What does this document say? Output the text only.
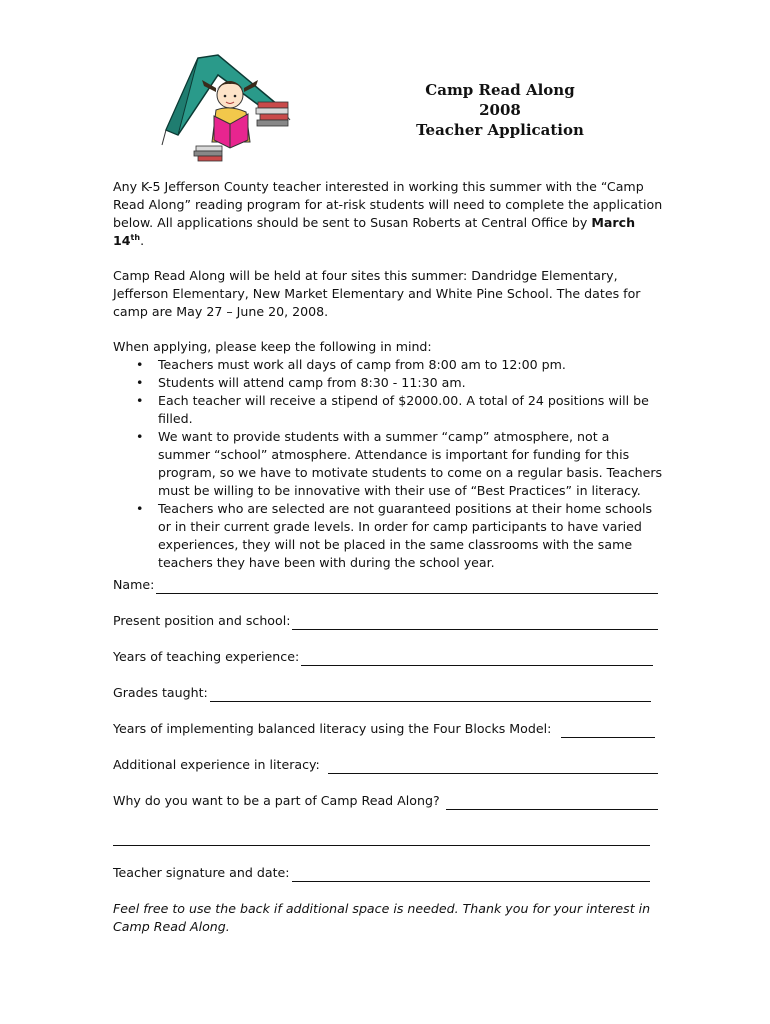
Camp Read Along
2008
Teacher Application

Any K-5 Jefferson County teacher interested in working this summer with the “Camp Read Along” reading program for at-risk students will need to complete the application below. All applications should be sent to Susan Roberts at Central Office by March 14th.

Camp Read Along will be held at four sites this summer: Dandridge Elementary, Jefferson Elementary, New Market Elementary and White Pine School. The dates for camp are May 27 – June 20, 2008.

When applying, please keep the following in mind:

• Teachers must work all days of camp from 8:00 am to 12:00 pm.
• Students will attend camp from 8:30 - 11:30 am.
• Each teacher will receive a stipend of $2000.00. A total of 24 positions will be filled.
• We want to provide students with a summer “camp” atmosphere, not a summer “school” atmosphere. Attendance is important for funding for this program, so we have to motivate students to come on a regular basis. Teachers must be willing to be innovative with their use of “Best Practices” in literacy.
• Teachers who are selected are not guaranteed positions at their home schools or in their current grade levels. In order for camp participants to have varied experiences, they will not be placed in the same classrooms with the same teachers they have been with during the school year.
Name:
Present position and school:
Years of teaching experience:
Grades taught:
Years of implementing balanced literacy using the Four Blocks Model:
Additional experience in literacy:
Why do you want to be a part of Camp Read Along?
Teacher signature and date:
Feel free to use the back if additional space is needed. Thank you for your interest in Camp Read Along.
